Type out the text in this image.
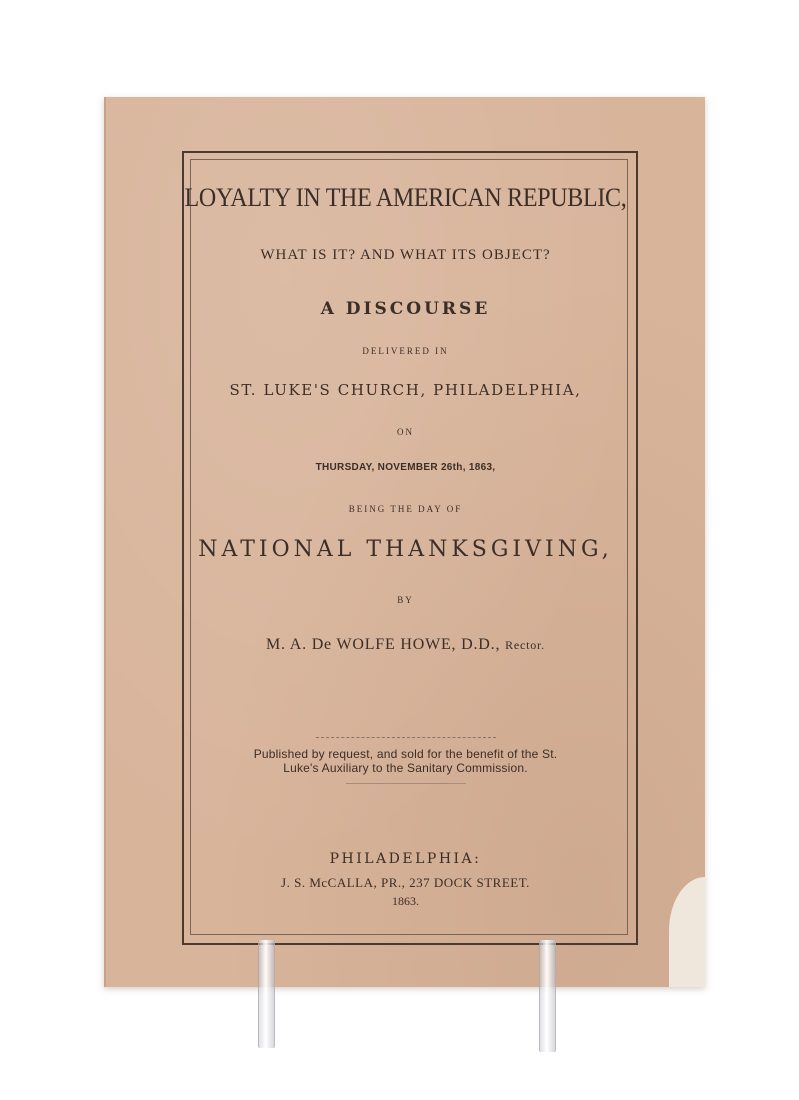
LOYALTY IN THE AMERICAN REPUBLIC,
WHAT IS IT? AND WHAT ITS OBJECT?
A DISCOURSE
DELIVERED IN
ST. LUKE'S CHURCH, PHILADELPHIA,
ON
THURSDAY, NOVEMBER 26th, 1863,
BEING THE DAY OF
NATIONAL THANKSGIVING,
BY
M. A. De WOLFE HOWE, D.D., Rector.
Published by request, and sold for the benefit of the St.
Luke's Auxiliary to the Sanitary Commission.
PHILADELPHIA:
J. S. McCALLA, PR., 237 DOCK STREET.
1863.
